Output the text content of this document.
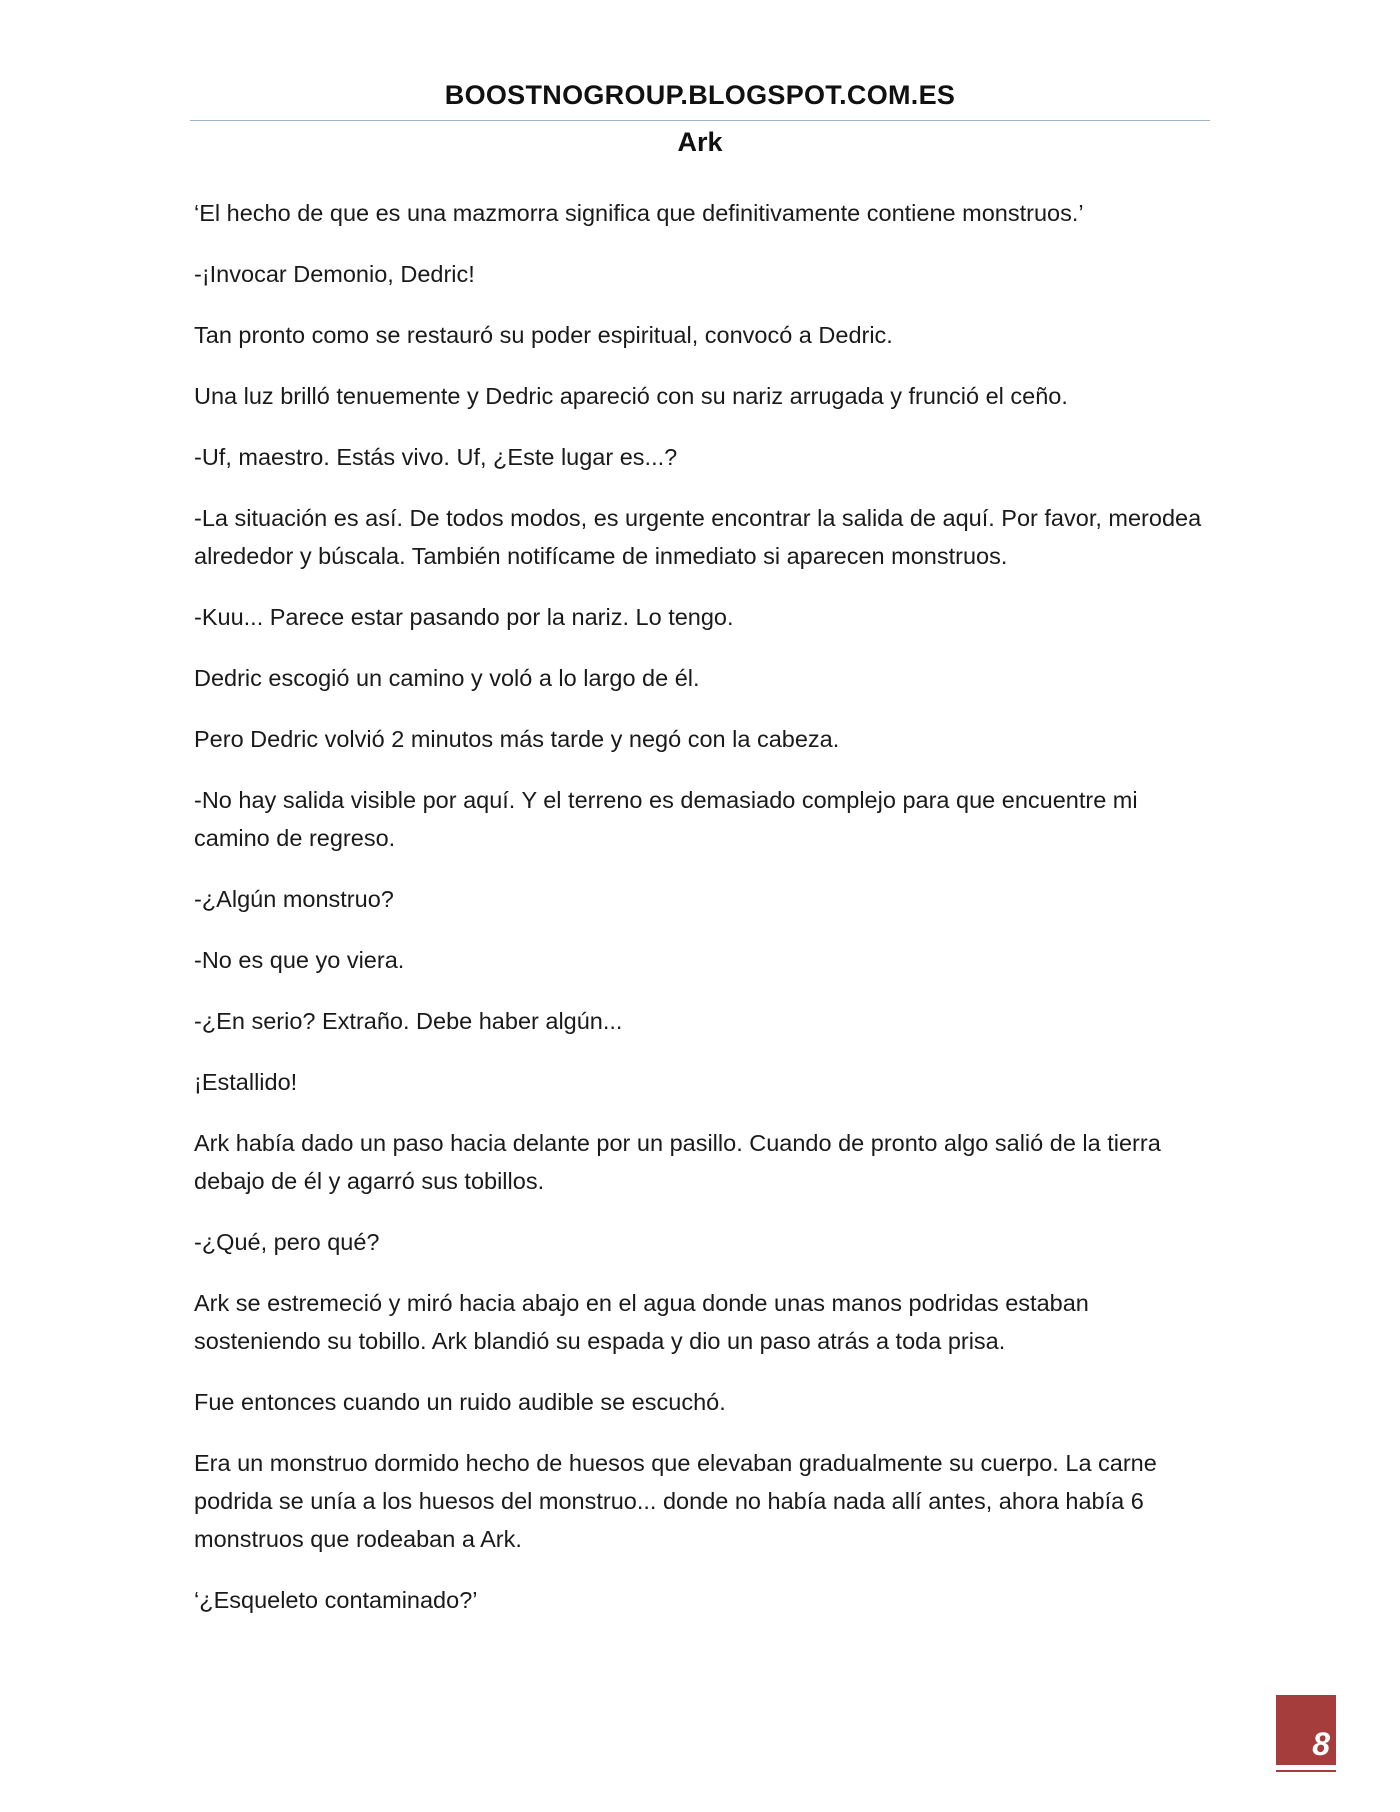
BOOSTNOGROUP.BLOGSPOT.COM.ES
Ark

‘El hecho de que es una mazmorra significa que definitivamente contiene monstruos.’

-¡Invocar Demonio, Dedric!

Tan pronto como se restauró su poder espiritual, convocó a Dedric.

Una luz brilló tenuemente y Dedric apareció con su nariz arrugada y frunció el ceño.

-Uf, maestro. Estás vivo. Uf, ¿Este lugar es...?

-La situación es así. De todos modos, es urgente encontrar la salida de aquí. Por favor, merodea alrededor y búscala. También notifícame de inmediato si aparecen monstruos.

-Kuu... Parece estar pasando por la nariz. Lo tengo.

Dedric escogió un camino y voló a lo largo de él.

Pero Dedric volvió 2 minutos más tarde y negó con la cabeza.

-No hay salida visible por aquí. Y el terreno es demasiado complejo para que encuentre mi camino de regreso.

-¿Algún monstruo?

-No es que yo viera.

-¿En serio? Extraño. Debe haber algún...

¡Estallido!

Ark había dado un paso hacia delante por un pasillo. Cuando de pronto algo salió de la tierra debajo de él y agarró sus tobillos.

-¿Qué, pero qué?

Ark se estremeció y miró hacia abajo en el agua donde unas manos podridas estaban sosteniendo su tobillo. Ark blandió su espada y dio un paso atrás a toda prisa.

Fue entonces cuando un ruido audible se escuchó.

Era un monstruo dormido hecho de huesos que elevaban gradualmente su cuerpo. La carne podrida se unía a los huesos del monstruo... donde no había nada allí antes, ahora había 6 monstruos que rodeaban a Ark.

‘¿Esqueleto contaminado?’

8
